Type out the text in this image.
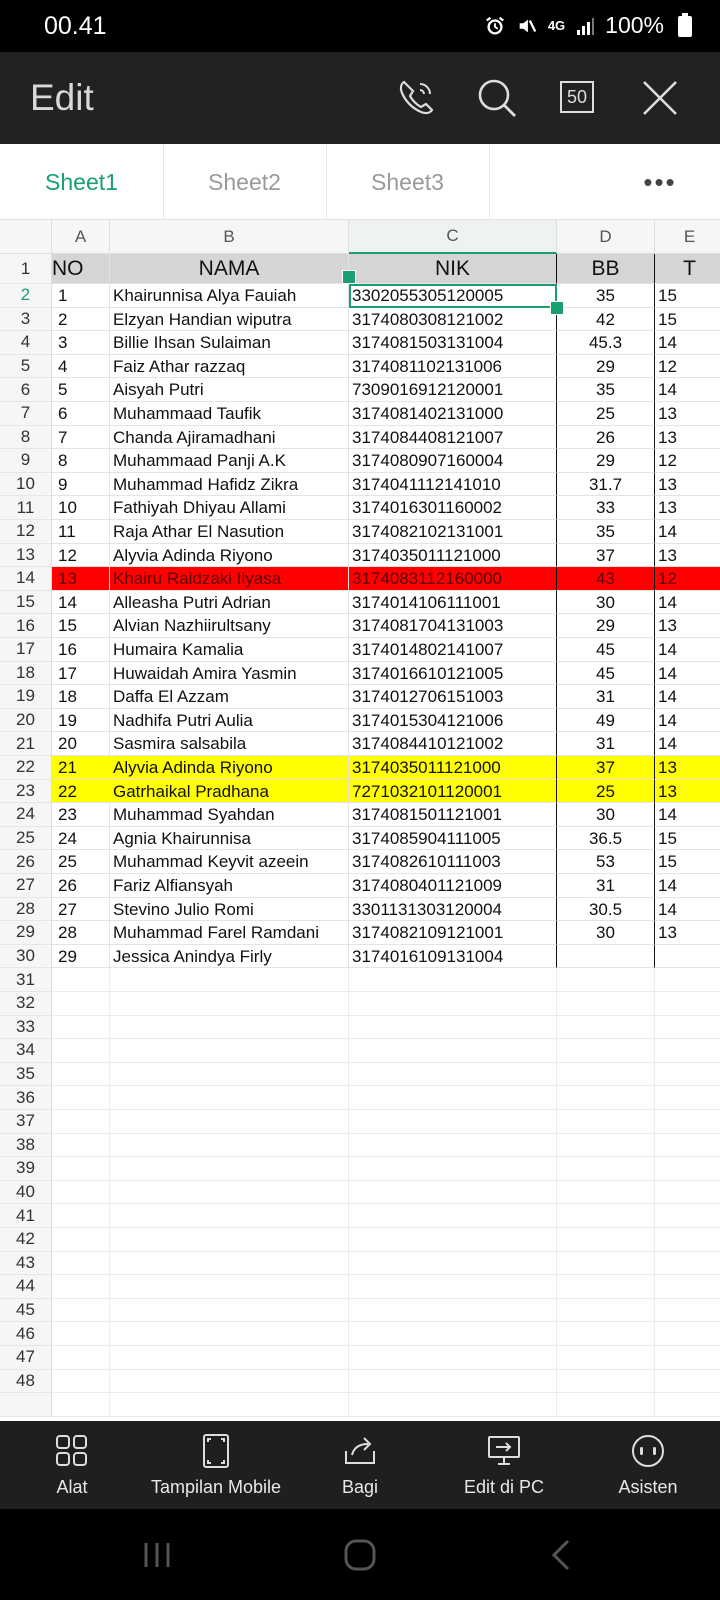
00.41	4G 100%
Edit	50
Sheet1	Sheet2	Sheet3	•••
A	B	C	D	E
1	NO	NAMA	NIK	BB	T
2	1	Khairunnisa Alya Fauiah	3302055305120005	35	15
3	2	Elzyan Handian wiputra	3174080308121002	42	15
4	3	Billie Ihsan Sulaiman	3174081503131004	45.3	14
5	4	Faiz Athar razzaq	3174081102131006	29	12
6	5	Aisyah Putri	7309016912120001	35	14
7	6	Muhammaad Taufik	3174081402131000	25	13
8	7	Chanda Ajiramadhani	3174084408121007	26	13
9	8	Muhammaad Panji A.K	3174080907160004	29	12
10	9	Muhammad Hafidz Zikra	3174041112141010	31.7	13
11	10	Fathiyah Dhiyau Allami	3174016301160002	33	13
12	11	Raja Athar El Nasution	3174082102131001	35	14
13	12	Alyvia Adinda Riyono	3174035011121000	37	13
14	13	Khairu Raidzaki Ilyasa	3174083112160000	43	12
15	14	Alleasha Putri Adrian	3174014106111001	30	14
16	15	Alvian Nazhiirultsany	3174081704131003	29	13
17	16	Humaira Kamalia	3174014802141007	45	14
18	17	Huwaidah Amira Yasmin	3174016610121005	45	14
19	18	Daffa El Azzam	3174012706151003	31	14
20	19	Nadhifa Putri Aulia	3174015304121006	49	14
21	20	Sasmira salsabila	3174084410121002	31	14
22	21	Alyvia Adinda Riyono	3174035011121000	37	13
23	22	Gatrhaikal Pradhana	7271032101120001	25	13
24	23	Muhammad Syahdan	3174081501121001	30	14
25	24	Agnia Khairunnisa	3174085904111005	36.5	15
26	25	Muhammad Keyvit azeein	3174082610111003	53	15
27	26	Fariz Alfiansyah	3174080401121009	31	14
28	27	Stevino Julio Romi	3301131303120004	30.5	14
29	28	Muhammad Farel Ramdani	3174082109121001	30	13
30	29	Jessica Anindya Firly	3174016109131004
31
32
33
34
35
36
37
38
39
40
41
42
43
44
45
46
47
48
Alat	Tampilan Mobile	Bagi	Edit di PC	Asisten
